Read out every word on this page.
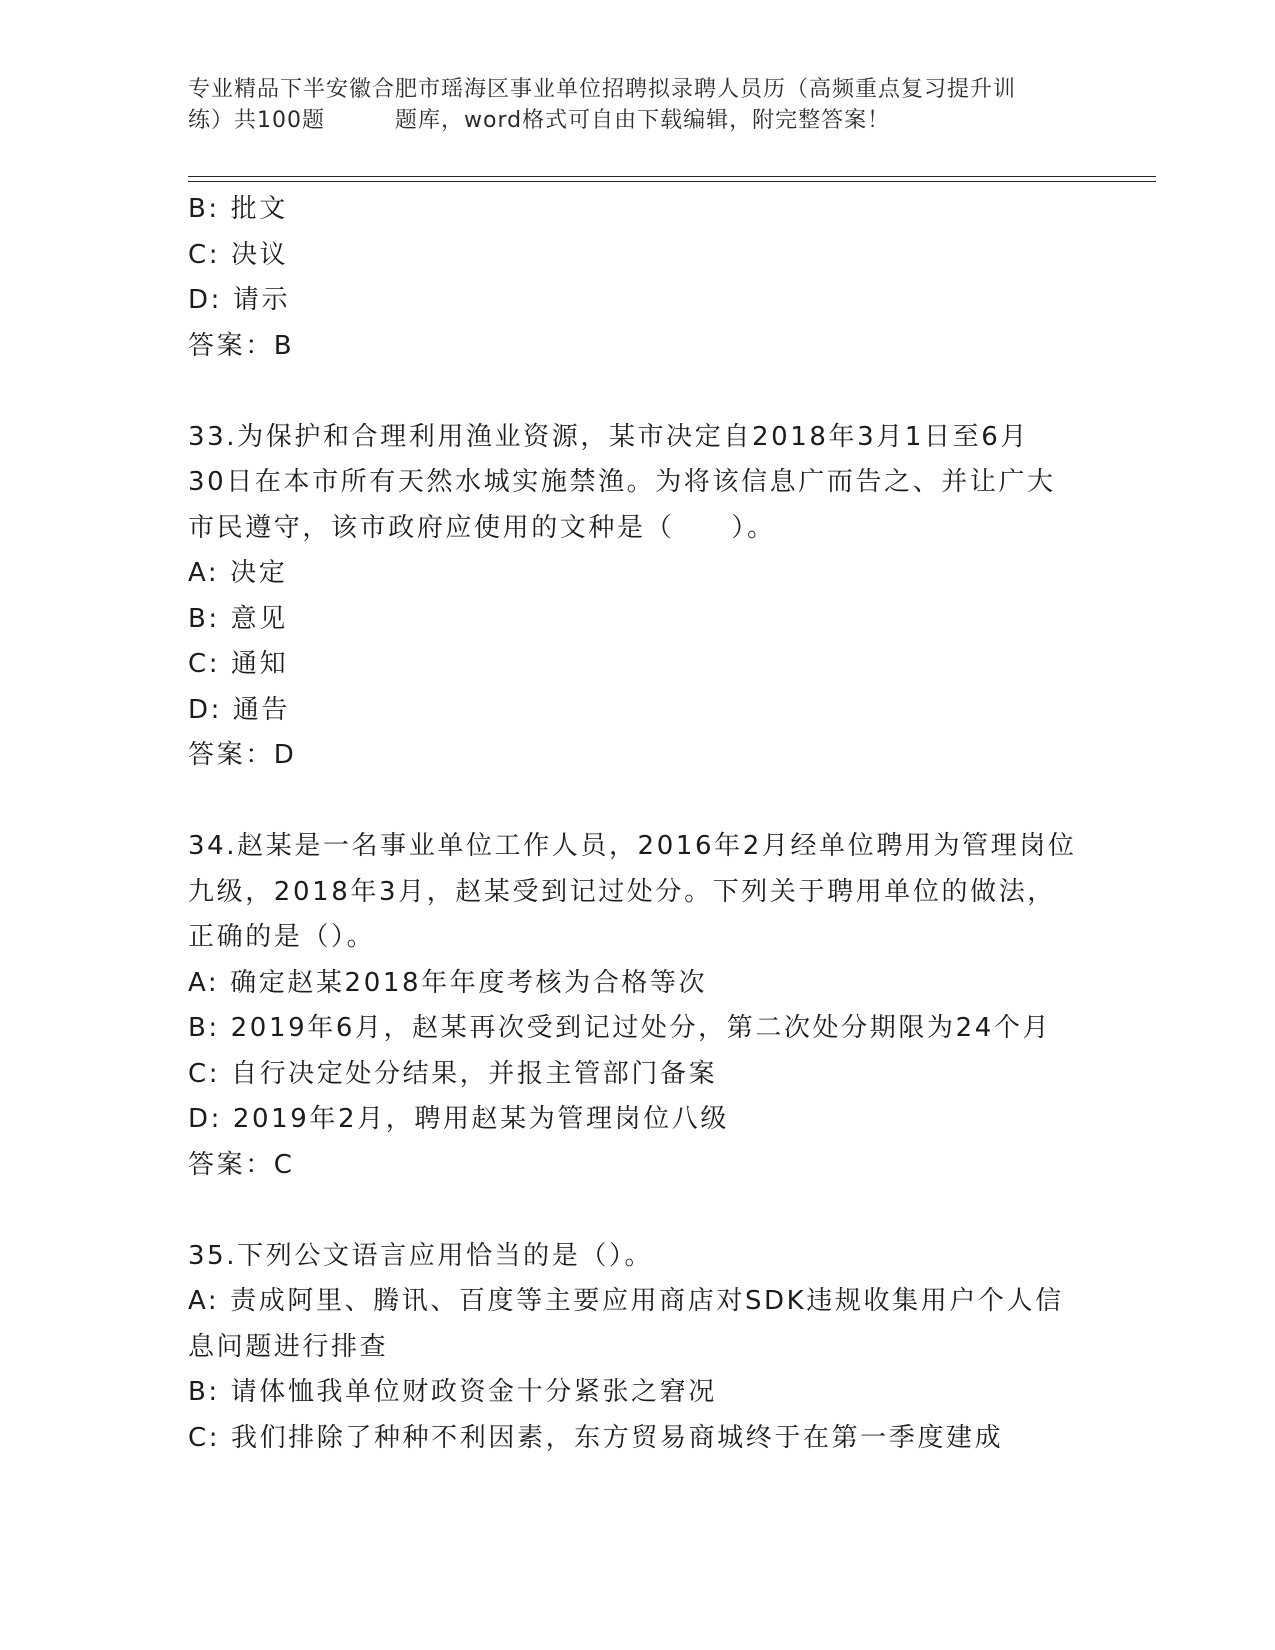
专业精品下半安徽合肥市瑶海区事业单位招聘拟录聘人员历（高频重点复习提升训
练）共100题	题库，word格式可自由下载编辑，附完整答案！
B: 批文
C: 决议
D: 请示
答案：B
33.为保护和合理利用渔业资源，某市决定自2018年3月1日至6月
30日在本市所有天然水城实施禁渔。为将该信息广而告之、并让广大
市民遵守，该市政府应使用的文种是（　　）。
A: 决定
B: 意见
C: 通知
D: 通告
答案：D
34.赵某是一名事业单位工作人员，2016年2月经单位聘用为管理岗位
九级，2018年3月，赵某受到记过处分。下列关于聘用单位的做法，
正确的是（）。
A: 确定赵某2018年年度考核为合格等次
B: 2019年6月，赵某再次受到记过处分，第二次处分期限为24个月
C: 自行决定处分结果，并报主管部门备案
D: 2019年2月，聘用赵某为管理岗位八级
答案：C
35.下列公文语言应用恰当的是（）。
A: 责成阿里、腾讯、百度等主要应用商店对SDK违规收集用户个人信
息问题进行排查
B: 请体恤我单位财政资金十分紧张之窘况
C: 我们排除了种种不利因素，东方贸易商城终于在第一季度建成
